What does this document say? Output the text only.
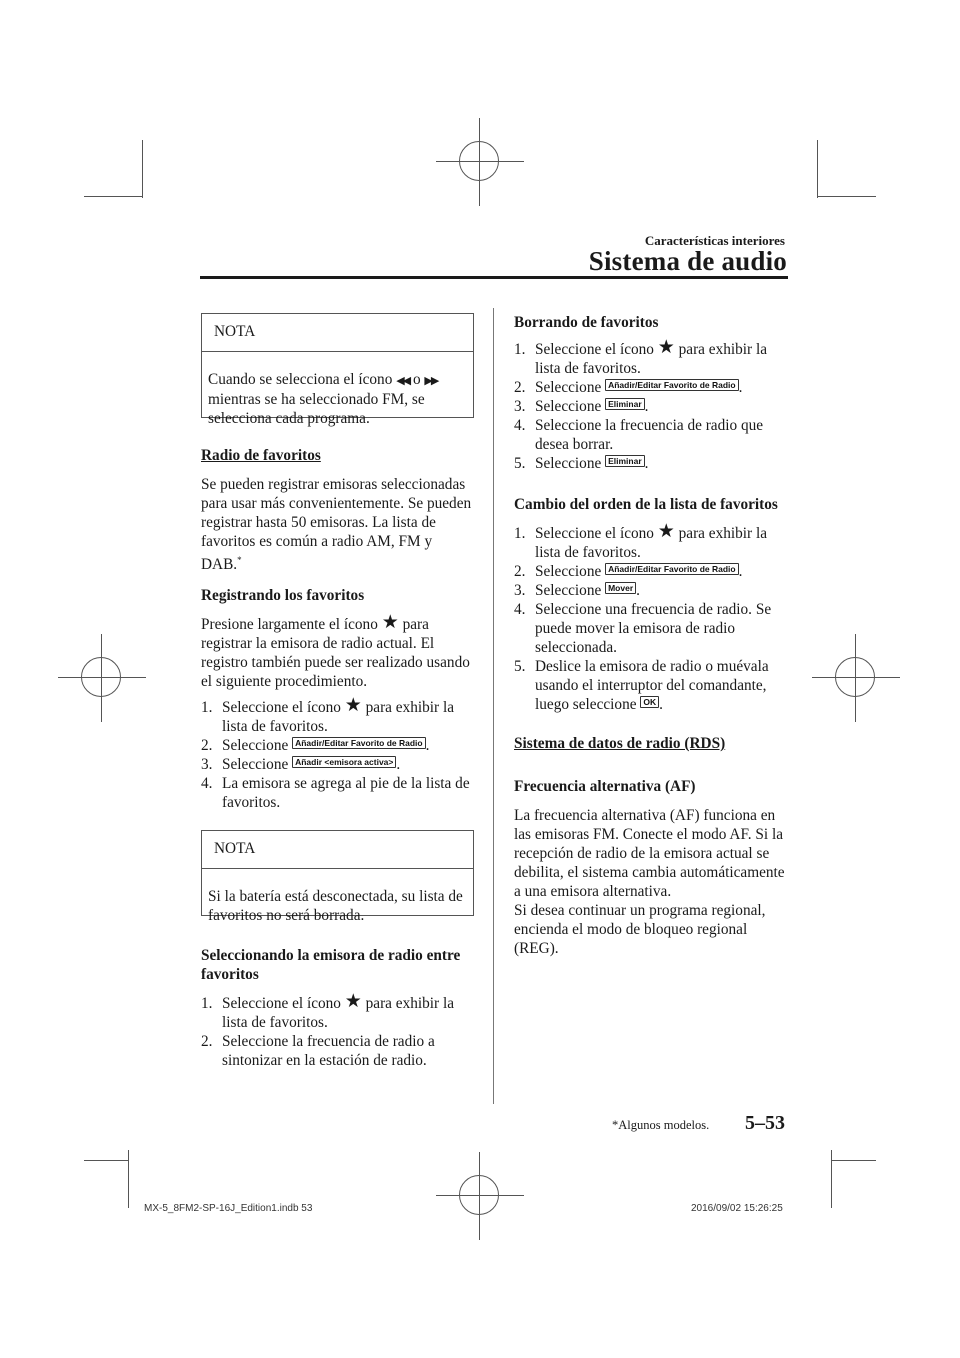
Características interiores
Sistema de audio

NOTA

Cuando se selecciona el ícono ◀◀ o ▶▶ mientras se ha seleccionado FM, se selecciona cada programa.

Radio de favoritos

Se pueden registrar emisoras seleccionadas para usar más convenientemente. Se pueden registrar hasta 50 emisoras. La lista de favoritos es común a radio AM, FM y DAB.*

Registrando los favoritos

Presione largamente el ícono ★ para registrar la emisora de radio actual. El registro también puede ser realizado usando el siguiente procedimiento.

1. Seleccione el ícono ★ para exhibir la lista de favoritos.
2. Seleccione Añadir/Editar Favorito de Radio .
3. Seleccione Añadir <emisora activa> .
4. La emisora se agrega al pie de la lista de favoritos.

NOTA

Si la batería está desconectada, su lista de favoritos no será borrada.

Seleccionando la emisora de radio entre favoritos

1. Seleccione el ícono ★ para exhibir la lista de favoritos.
2. Seleccione la frecuencia de radio a sintonizar en la estación de radio.

Borrando de favoritos

1. Seleccione el ícono ★ para exhibir la lista de favoritos.
2. Seleccione Añadir/Editar Favorito de Radio .
3. Seleccione Eliminar .
4. Seleccione la frecuencia de radio que desea borrar.
5. Seleccione Eliminar .

Cambio del orden de la lista de favoritos

1. Seleccione el ícono ★ para exhibir la lista de favoritos.
2. Seleccione Añadir/Editar Favorito de Radio .
3. Seleccione Mover .
4. Seleccione una frecuencia de radio. Se puede mover la emisora de radio seleccionada.
5. Deslice la emisora de radio o muévala usando el interruptor del comandante, luego seleccione OK .

Sistema de datos de radio (RDS)

Frecuencia alternativa (AF)

La frecuencia alternativa (AF) funciona en las emisoras FM. Conecte el modo AF. Si la recepción de radio de la emisora actual se debilita, el sistema cambia automáticamente a una emisora alternativa.

Si desea continuar un programa regional, encienda el modo de bloqueo regional (REG).

*Algunos modelos. 5–53
MX-5_8FM2-SP-16J_Edition1.indb 53	2016/09/02 15:26:25
